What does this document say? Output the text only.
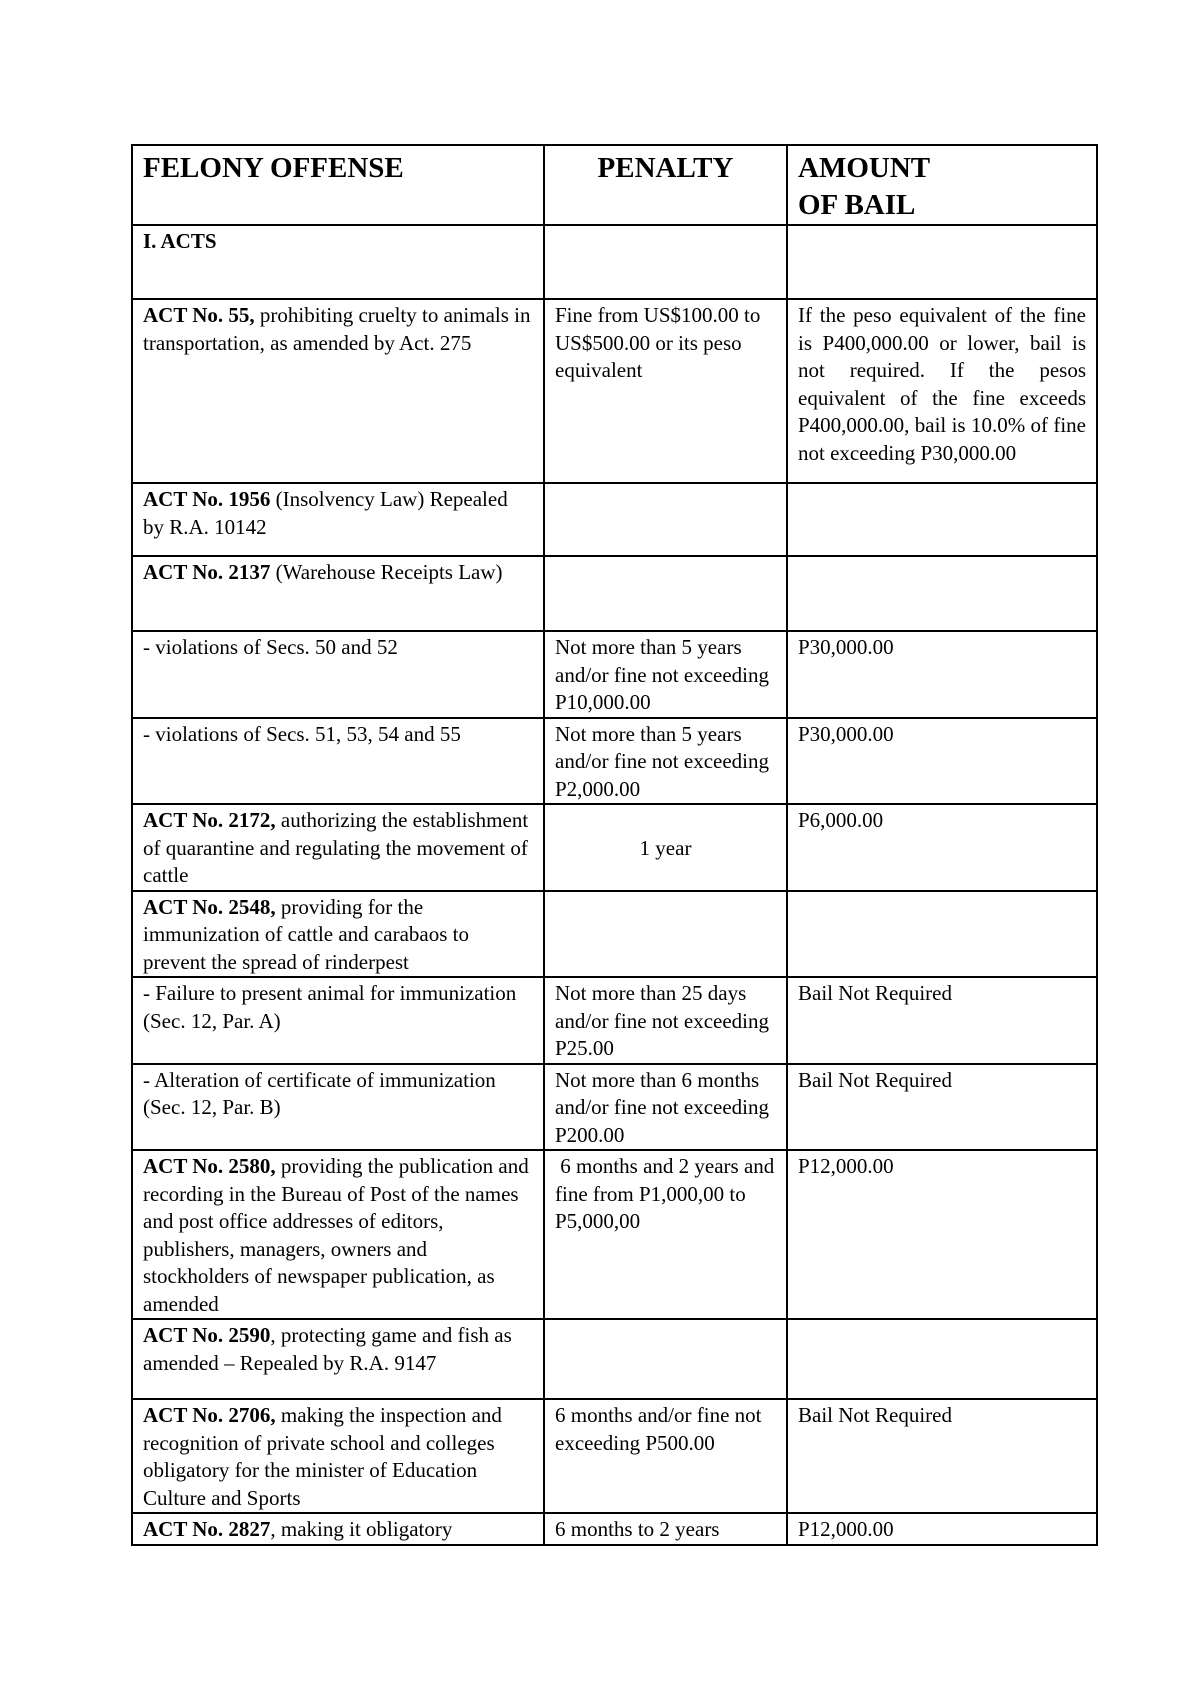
FELONY OFFENSE	PENALTY	AMOUNT
OF BAIL
I. ACTS		
ACT No. 55, prohibiting cruelty to animals in transportation, as amended by Act. 275	Fine from US$100.00 to US$500.00 or its peso equivalent	If the peso equivalent of the fine is P400,000.00 or lower, bail is not required. If the pesos equivalent of the fine exceeds P400,000.00, bail is 10.0% of fine not exceeding P30,000.00
ACT No. 1956 (Insolvency Law) Repealed by R.A. 10142		
ACT No. 2137 (Warehouse Receipts Law)		
- violations of Secs. 50 and 52	Not more than 5 years and/or fine not exceeding P10,000.00	P30,000.00
- violations of Secs. 51, 53, 54 and 55	Not more than 5 years and/or fine not exceeding P2,000.00	P30,000.00
ACT No. 2172, authorizing the establishment of quarantine and regulating the movement of cattle	1 year	P6,000.00
ACT No. 2548, providing for the immunization of cattle and carabaos to prevent the spread of rinderpest		
- Failure to present animal for immunization (Sec. 12, Par. A)	Not more than 25 days and/or fine not exceeding P25.00	Bail Not Required
- Alteration of certificate of immunization (Sec. 12, Par. B)	Not more than 6 months and/or fine not exceeding P200.00	Bail Not Required
ACT No. 2580, providing the publication and recording in the Bureau of Post of the names and post office addresses of editors, publishers, managers, owners and stockholders of newspaper publication, as amended	6 months and 2 years and fine from P1,000,00 to P5,000,00	P12,000.00
ACT No. 2590, protecting game and fish as amended – Repealed by R.A. 9147		
ACT No. 2706, making the inspection and recognition of private school and colleges obligatory for the minister of Education Culture and Sports	6 months and/or fine not exceeding P500.00	Bail Not Required
ACT No. 2827, making it obligatory	6 months to 2 years	P12,000.00
